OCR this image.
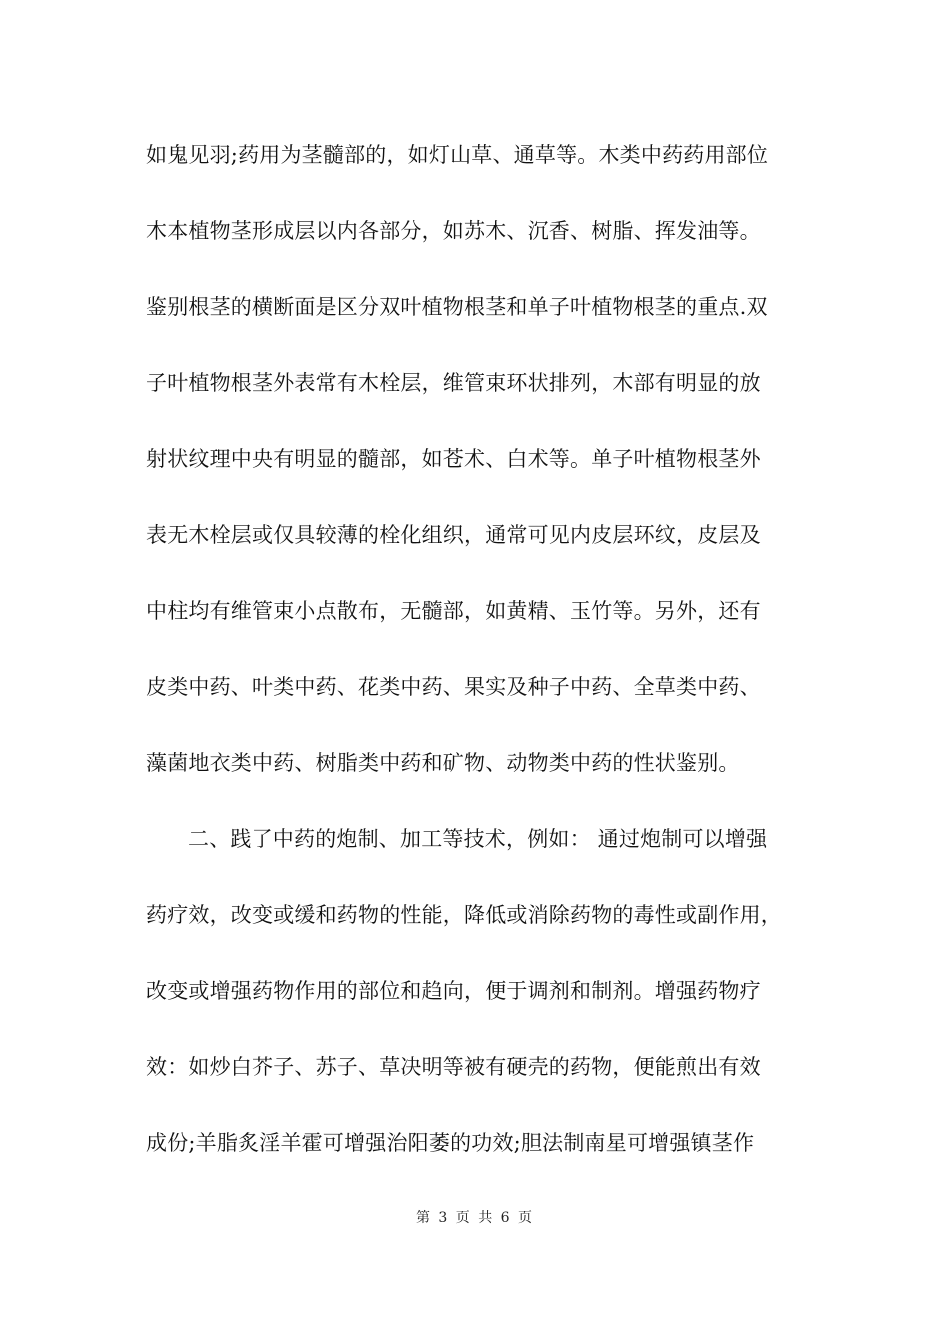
如鬼见羽;药用为茎髓部的，如灯山草、通草等。木类中药药用部位
木本植物茎形成层以内各部分，如苏木、沉香、树脂、挥发油等。
鉴别根茎的横断面是区分双叶植物根茎和单子叶植物根茎的重点.双
子叶植物根茎外表常有木栓层，维管束环状排列，木部有明显的放
射状纹理中央有明显的髓部，如苍术、白术等。单子叶植物根茎外
表无木栓层或仅具较薄的栓化组织，通常可见内皮层环纹，皮层及
中柱均有维管束小点散布，无髓部，如黄精、玉竹等。另外，还有
皮类中药、叶类中药、花类中药、果实及种子中药、全草类中药、
藻菌地衣类中药、树脂类中药和矿物、动物类中药的性状鉴别。
二、践了中药的炮制、加工等技术，例如： 通过炮制可以增强
药疗效，改变或缓和药物的性能，降低或消除药物的毒性或副作用，
改变或增强药物作用的部位和趋向，便于调剂和制剂。增强药物疗
效：如炒白芥子、苏子、草决明等被有硬壳的药物，便能煎出有效
成份;羊脂炙淫羊霍可增强治阳萎的功效;胆法制南星可增强镇茎作
第 3 页 共 6 页
